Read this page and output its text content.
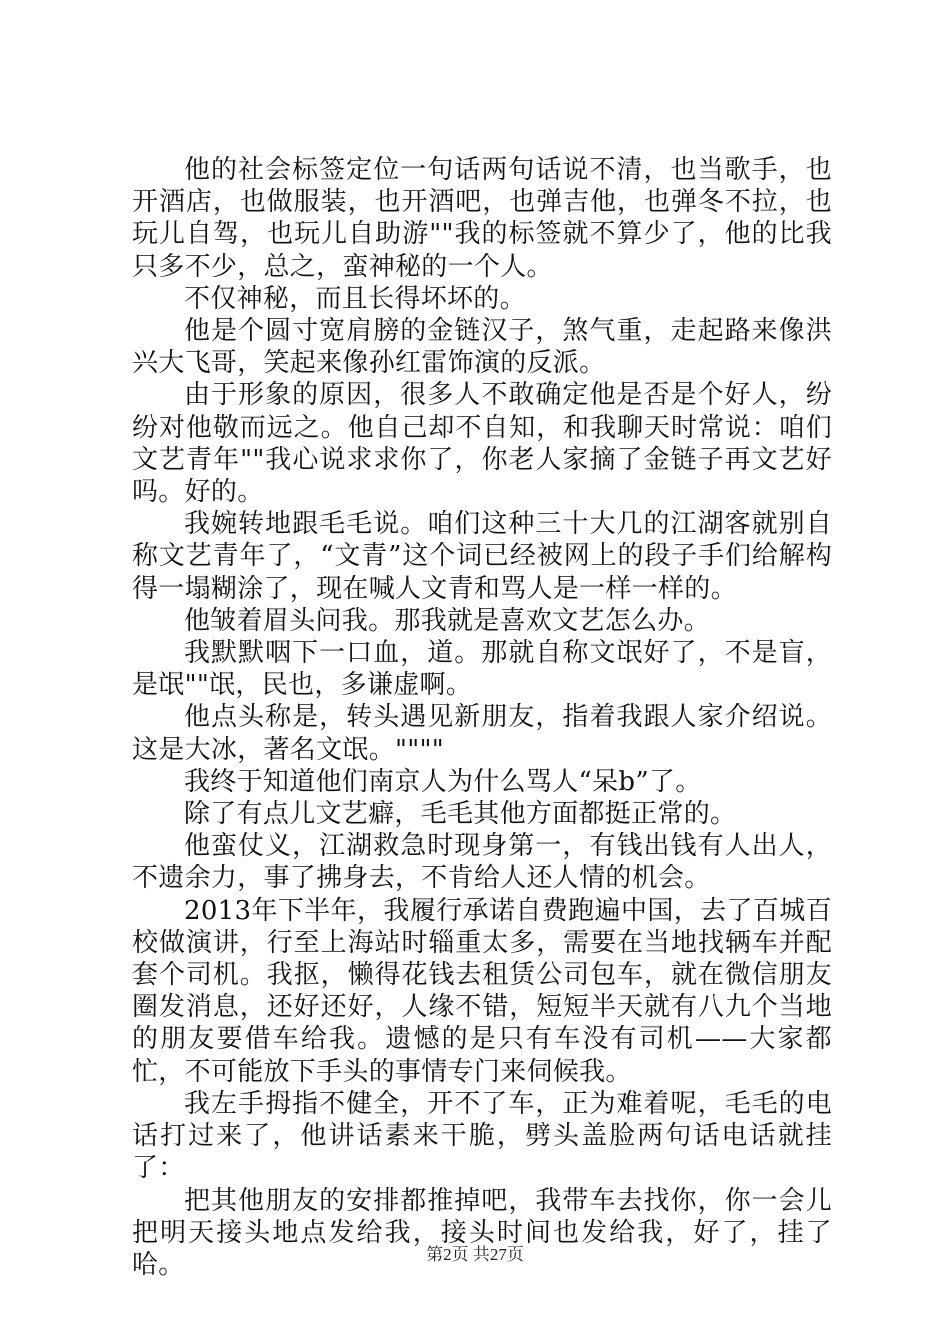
他的社会标签定位一句话两句话说不清，也当歌手，也开酒店，也做服装，也开酒吧，也弹吉他，也弹冬不拉，也玩儿自驾，也玩儿自助游""我的标签就不算少了，他的比我只多不少，总之，蛮神秘的一个人。

不仅神秘，而且长得坏坏的。

他是个圆寸宽肩膀的金链汉子，煞气重，走起路来像洪兴大飞哥，笑起来像孙红雷饰演的反派。

由于形象的原因，很多人不敢确定他是否是个好人，纷纷对他敬而远之。他自己却不自知，和我聊天时常说：咱们文艺青年""我心说求求你了，你老人家摘了金链子再文艺好吗。好的。

我婉转地跟毛毛说。咱们这种三十大几的江湖客就别自称文艺青年了，“文青”这个词已经被网上的段子手们给解构得一塌糊涂了，现在喊人文青和骂人是一样一样的。

他皱着眉头问我。那我就是喜欢文艺怎么办。

我默默咽下一口血，道。那就自称文氓好了，不是盲，是氓""氓，民也，多谦虚啊。

他点头称是，转头遇见新朋友，指着我跟人家介绍说。这是大冰，著名文氓。""""

我终于知道他们南京人为什么骂人“呆b”了。

除了有点儿文艺癖，毛毛其他方面都挺正常的。

他蛮仗义，江湖救急时现身第一，有钱出钱有人出人，不遗余力，事了拂身去，不肯给人还人情的机会。

2013年下半年，我履行承诺自费跑遍中国，去了百城百校做演讲，行至上海站时辎重太多，需要在当地找辆车并配套个司机。我抠，懒得花钱去租赁公司包车，就在微信朋友圈发消息，还好还好，人缘不错，短短半天就有八九个当地的朋友要借车给我。遗憾的是只有车没有司机——大家都忙，不可能放下手头的事情专门来伺候我。

我左手拇指不健全，开不了车，正为难着呢，毛毛的电话打过来了，他讲话素来干脆，劈头盖脸两句话电话就挂了：

把其他朋友的安排都推掉吧，我带车去找你，你一会儿把明天接头地点发给我，接头时间也发给我，好了，挂了哈。	第2页 共27页
